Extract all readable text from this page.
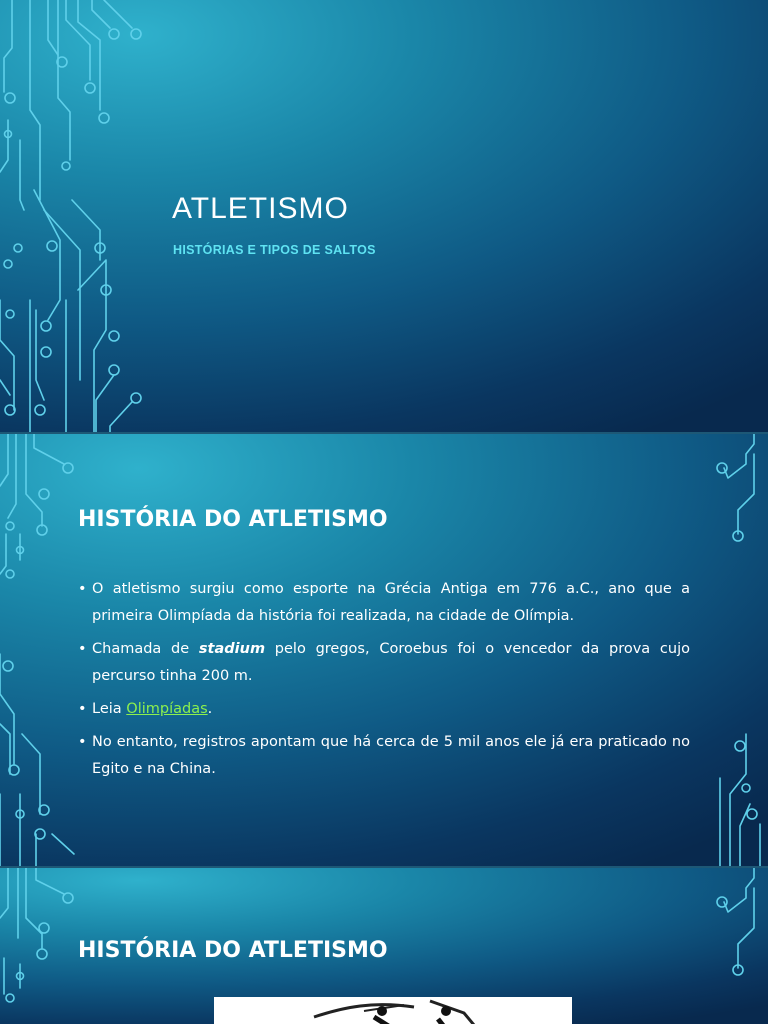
ATLETISMO

HISTÓRIAS E TIPOS DE SALTOS

HISTÓRIA DO ATLETISMO
• O atletismo surgiu como esporte na Grécia Antiga em 776 a.C., ano que a primeira Olimpíada da história foi realizada, na cidade de Olímpia.
• Chamada de stadium pelo gregos, Coroebus foi o vencedor da prova cujo percurso tinha 200 m.
• Leia Olimpíadas.
• No entanto, registros apontam que há cerca de 5 mil anos ele já era praticado no Egito e na China.
HISTÓRIA DO ATLETISMO
